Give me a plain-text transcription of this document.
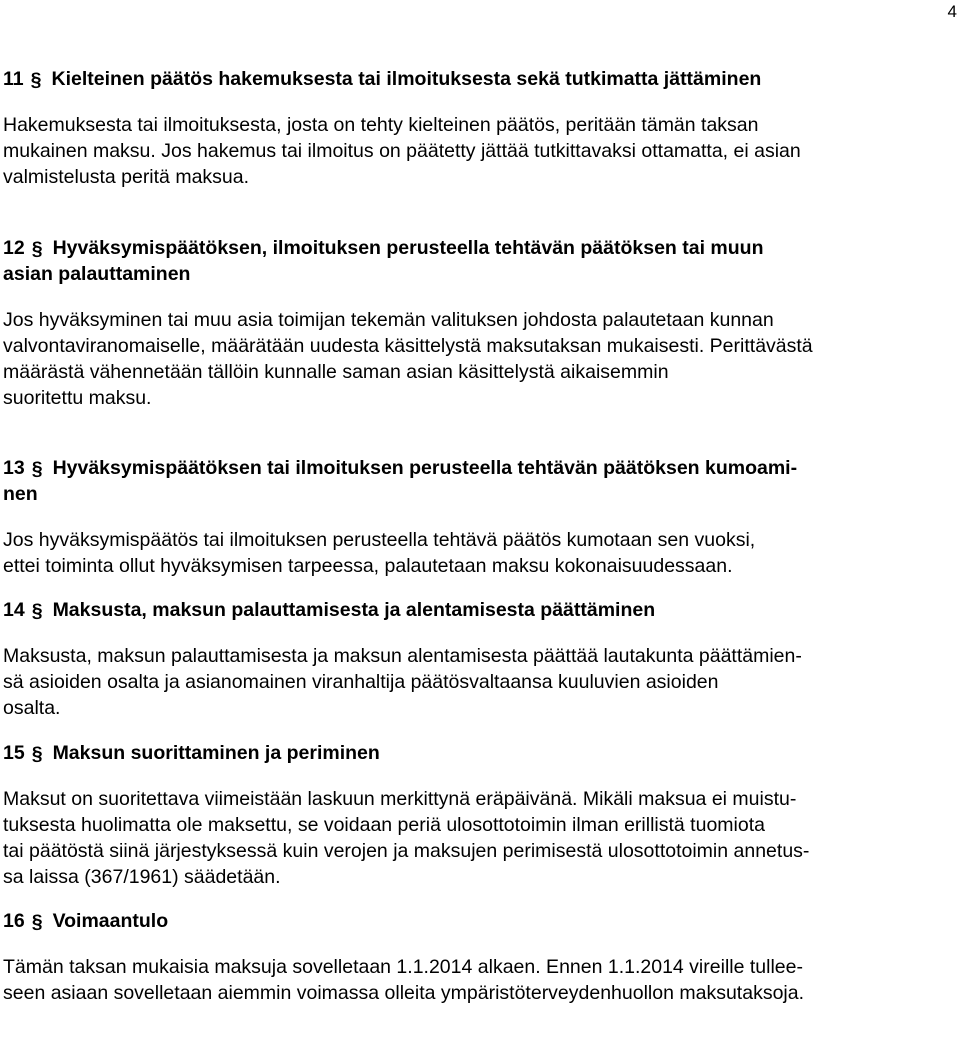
4
11 § Kielteinen päätös hakemuksesta tai ilmoituksesta sekä tutkimatta jättäminen

Hakemuksesta tai ilmoituksesta, josta on tehty kielteinen päätös, peritään tämän taksan
mukainen maksu. Jos hakemus tai ilmoitus on päätetty jättää tutkittavaksi ottamatta, ei asian
valmistelusta peritä maksua.

12 § Hyväksymispäätöksen, ilmoituksen perusteella tehtävän päätöksen tai muun
asian palauttaminen

Jos hyväksyminen tai muu asia toimijan tekemän valituksen johdosta palautetaan kunnan
valvontaviranomaiselle, määrätään uudesta käsittelystä maksutaksan mukaisesti. Perittävästä
määrästä vähennetään tällöin kunnalle saman asian käsittelystä aikaisemmin
suoritettu maksu.

13 § Hyväksymispäätöksen tai ilmoituksen perusteella tehtävän päätöksen kumoami-
nen

Jos hyväksymispäätös tai ilmoituksen perusteella tehtävä päätös kumotaan sen vuoksi,
ettei toiminta ollut hyväksymisen tarpeessa, palautetaan maksu kokonaisuudessaan.

14 § Maksusta, maksun palauttamisesta ja alentamisesta päättäminen

Maksusta, maksun palauttamisesta ja maksun alentamisesta päättää lautakunta päättämien-
sä asioiden osalta ja asianomainen viranhaltija päätösvaltaansa kuuluvien asioiden
osalta.

15 § Maksun suorittaminen ja periminen

Maksut on suoritettava viimeistään laskuun merkittynä eräpäivänä. Mikäli maksua ei muistu-
tuksesta huolimatta ole maksettu, se voidaan periä ulosottotoimin ilman erillistä tuomiota
tai päätöstä siinä järjestyksessä kuin verojen ja maksujen perimisestä ulosottotoimin annetus-
sa laissa (367/1961) säädetään.

16 § Voimaantulo

Tämän taksan mukaisia maksuja sovelletaan 1.1.2014 alkaen. Ennen 1.1.2014 vireille tullee-
seen asiaan sovelletaan aiemmin voimassa olleita ympäristöterveydenhuollon maksutaksoja.
